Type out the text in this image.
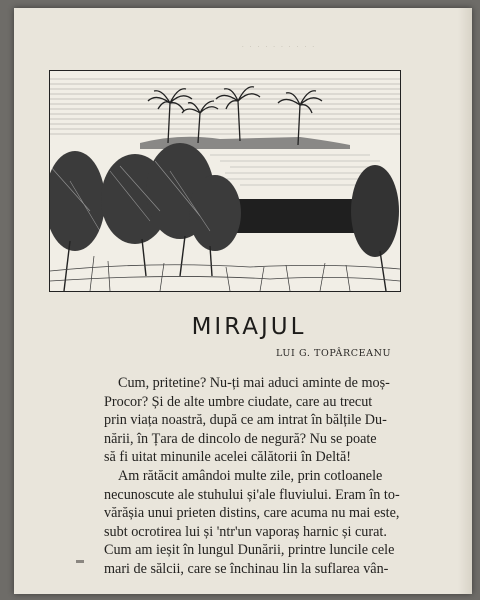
· · · · · · · · · ·
MIRAJUL
LUI G. TOPÂRCEANU
Cum, pritetine? Nu-ți mai aduci aminte de moș-
Procor? Și de alte umbre ciudate, care au trecut
prin viața noastră, după ce am intrat în bălțile Du-
nării, în Țara de dincolo de negură? Nu se poate
să fi uitat minunile acelei călătorii în Deltă!
Am rătăcit amândoi multe zile, prin cotloanele
necunoscute ale stuhului și'ale fluviului. Eram în to-
vărășia unui prieten distins, care acuma nu mai este,
subt ocrotirea lui și 'ntr'un vaporaș harnic și curat.
Cum am ieșit în lungul Dunării, printre luncile cele
mari de sălcii, care se închinau lin la suflarea vân-
